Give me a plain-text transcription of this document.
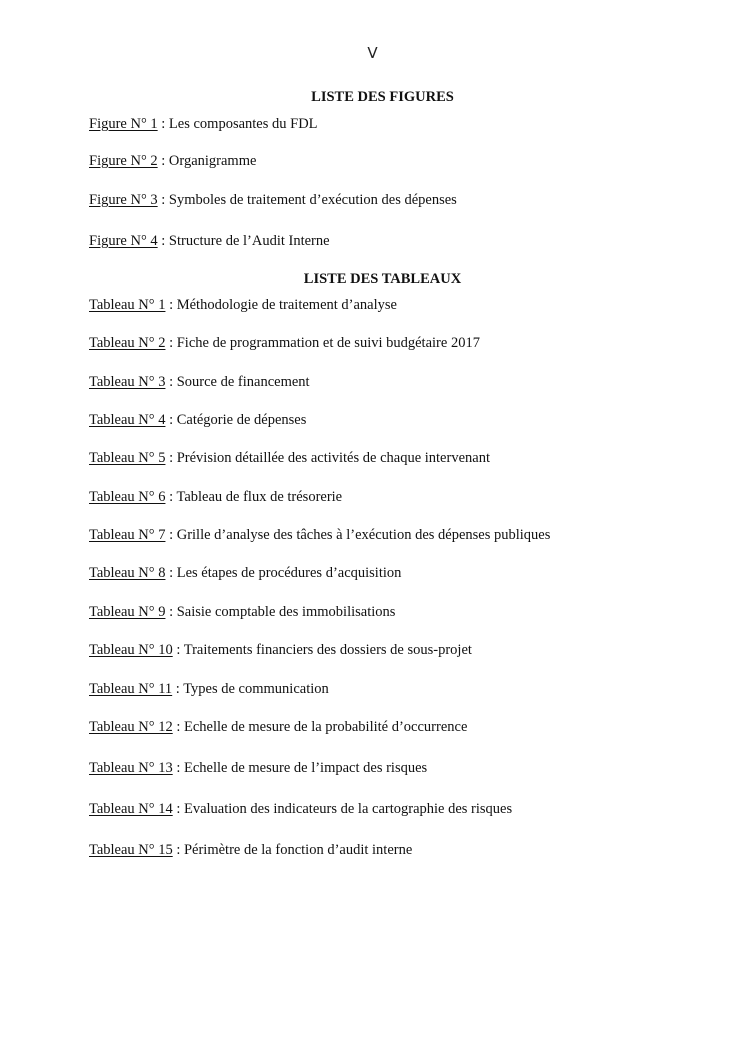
V
LISTE DES FIGURES
Figure N° 1 : Les composantes du FDL
Figure N° 2 : Organigramme
Figure N° 3 : Symboles de traitement d’exécution des dépenses
Figure N° 4 : Structure de l’Audit Interne
LISTE DES TABLEAUX
Tableau N° 1 : Méthodologie de traitement d’analyse
Tableau N° 2 : Fiche de programmation et de suivi budgétaire 2017
Tableau N° 3 : Source de financement
Tableau N° 4 : Catégorie de dépenses
Tableau N° 5 : Prévision détaillée des activités de chaque intervenant
Tableau N° 6 : Tableau de flux de trésorerie
Tableau N° 7 : Grille d’analyse des tâches à l’exécution des dépenses publiques
Tableau N° 8 : Les étapes de procédures d’acquisition
Tableau N° 9 : Saisie comptable des immobilisations
Tableau N° 10 : Traitements financiers des dossiers de sous-projet
Tableau N° 11 : Types de communication
Tableau N° 12 : Echelle de mesure de la probabilité d’occurrence
Tableau N° 13 : Echelle de mesure de l’impact des risques
Tableau N° 14 : Evaluation des indicateurs de la cartographie des risques
Tableau N° 15 : Périmètre de la fonction d’audit interne
